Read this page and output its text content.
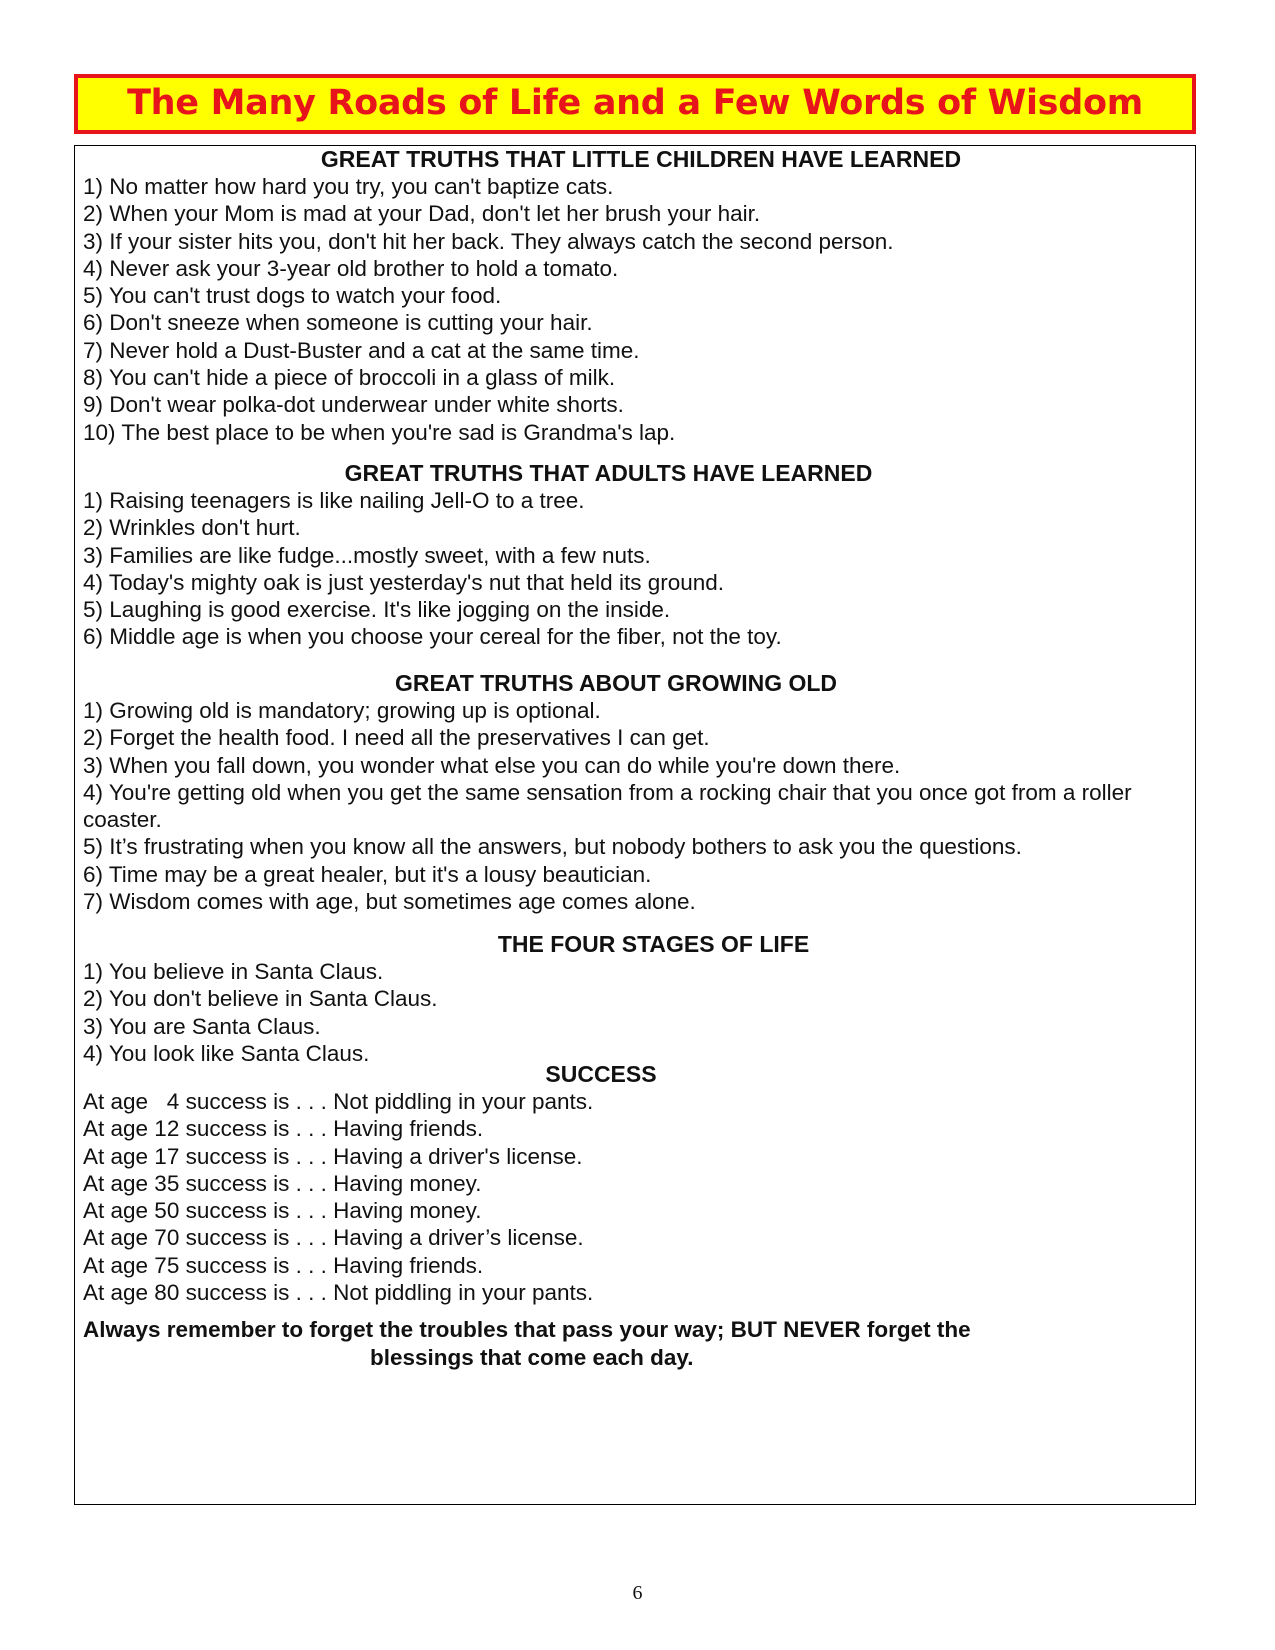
The Many Roads of Life and a Few Words of Wisdom
GREAT TRUTHS THAT LITTLE CHILDREN HAVE LEARNED
1) No matter how hard you try, you can't baptize cats.
2) When your Mom is mad at your Dad, don't let her brush your hair.
3) If your sister hits you, don't hit her back. They always catch the second person.
4) Never ask your 3-year old brother to hold a tomato.
5) You can't trust dogs to watch your food.
6) Don't sneeze when someone is cutting your hair.
7) Never hold a Dust-Buster and a cat at the same time.
8) You can't hide a piece of broccoli in a glass of milk.
9) Don't wear polka-dot underwear under white shorts.
10) The best place to be when you're sad is Grandma's lap.
GREAT TRUTHS THAT ADULTS HAVE LEARNED
1) Raising teenagers is like nailing Jell-O to a tree.
2) Wrinkles don't hurt.
3) Families are like fudge...mostly sweet, with a few nuts.
4) Today's mighty oak is just yesterday's nut that held its ground.
5) Laughing is good exercise. It's like jogging on the inside.
6) Middle age is when you choose your cereal for the fiber, not the toy.
GREAT TRUTHS ABOUT GROWING OLD
1) Growing old is mandatory; growing up is optional.
2) Forget the health food. I need all the preservatives I can get.
3) When you fall down, you wonder what else you can do while you're down there.
4) You're getting old when you get the same sensation from a rocking chair that you once got from a roller coaster.
5) It’s frustrating when you know all the answers, but nobody bothers to ask you the questions.
6) Time may be a great healer, but it's a lousy beautician.
7) Wisdom comes with age, but sometimes age comes alone.
THE FOUR STAGES OF LIFE
1) You believe in Santa Claus.
2) You don't believe in Santa Claus.
3) You are Santa Claus.
4) You look like Santa Claus.
SUCCESS
At age   4 success is . . . Not piddling in your pants.
At age 12 success is . . . Having friends.
At age 17 success is . . . Having a driver's license.
At age 35 success is . . . Having money.
At age 50 success is . . . Having money.
At age 70 success is . . . Having a driver’s license.
At age 75 success is . . . Having friends.
At age 80 success is . . . Not piddling in your pants.
Always remember to forget the troubles that pass your way; BUT NEVER forget the
blessings that come each day.
6
